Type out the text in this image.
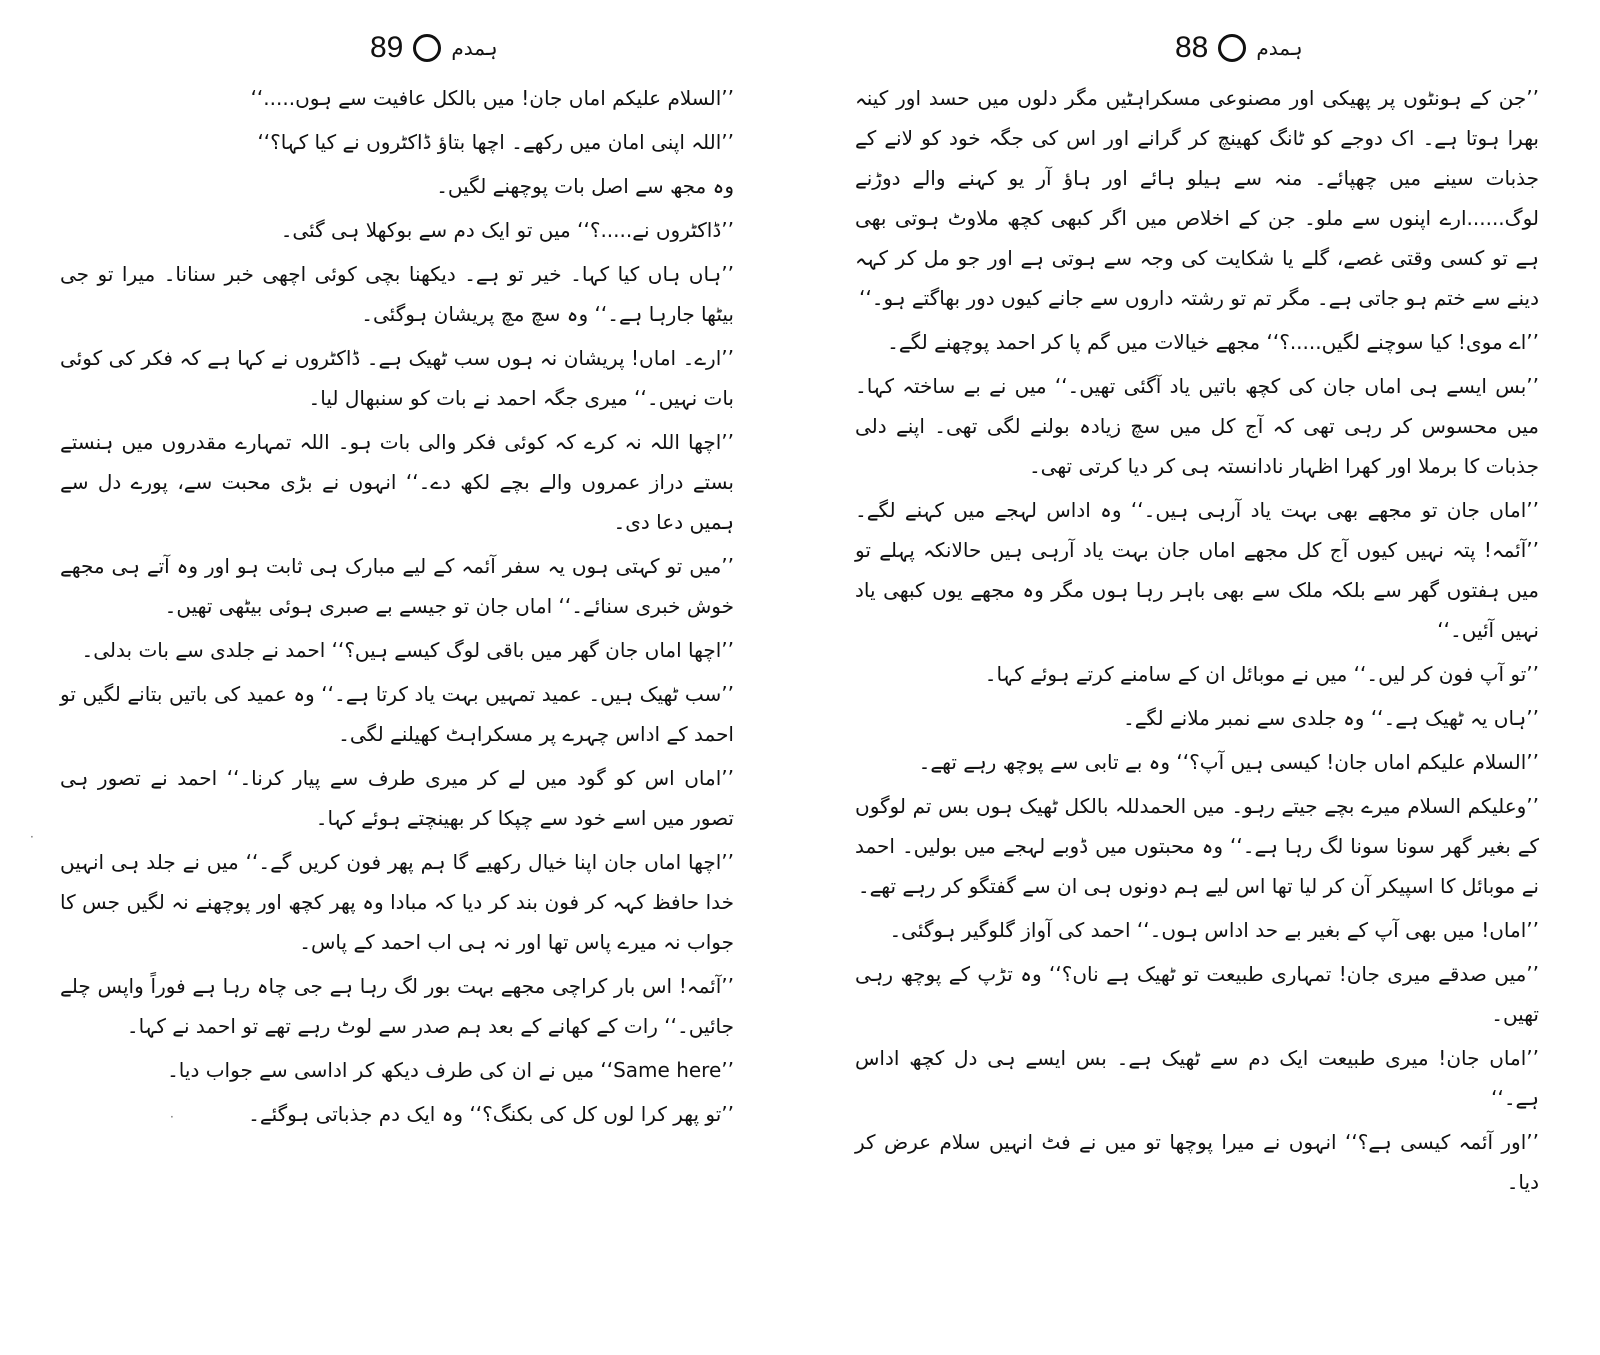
89 ہمدم

’’السلام علیکم اماں جان! میں بالکل عافیت سے ہوں.....‘‘

’’اللہ اپنی امان میں رکھے۔ اچھا بتاؤ ڈاکٹروں نے کیا کہا؟‘‘

وہ مجھ سے اصل بات پوچھنے لگیں۔

’’ڈاکٹروں نے.....؟‘‘ میں تو ایک دم سے بوکھلا ہی گئی۔

’’ہاں ہاں کیا کہا۔ خیر تو ہے۔ دیکھنا بچی کوئی اچھی خبر سنانا۔ میرا تو جی بیٹھا جارہا ہے۔‘‘ وہ سچ مچ پریشان ہوگئی۔

’’ارے۔ اماں! پریشان نہ ہوں سب ٹھیک ہے۔ ڈاکٹروں نے کہا ہے کہ فکر کی کوئی بات نہیں۔‘‘ میری جگہ احمد نے بات کو سنبھال لیا۔

’’اچھا اللہ نہ کرے کہ کوئی فکر والی بات ہو۔ اللہ تمہارے مقدروں میں ہنستے بستے دراز عمروں والے بچے لکھ دے۔‘‘ انہوں نے بڑی محبت سے، پورے دل سے ہمیں دعا دی۔

’’میں تو کہتی ہوں یہ سفر آئمہ کے لیے مبارک ہی ثابت ہو اور وہ آتے ہی مجھے خوش خبری سنائے۔‘‘ اماں جان تو جیسے بے صبری ہوئی بیٹھی تھیں۔

’’اچھا اماں جان گھر میں باقی لوگ کیسے ہیں؟‘‘ احمد نے جلدی سے بات بدلی۔

’’سب ٹھیک ہیں۔ عمید تمہیں بہت یاد کرتا ہے۔‘‘ وہ عمید کی باتیں بتانے لگیں تو احمد کے اداس چہرے پر مسکراہٹ کھیلنے لگی۔

’’اماں اس کو گود میں لے کر میری طرف سے پیار کرنا۔‘‘ احمد نے تصور ہی تصور میں اسے خود سے چپکا کر بھینچتے ہوئے کہا۔

’’اچھا اماں جان اپنا خیال رکھیے گا ہم پھر فون کریں گے۔‘‘ میں نے جلد ہی انہیں خدا حافظ کہہ کر فون بند کر دیا کہ مبادا وہ پھر کچھ اور پوچھنے نہ لگیں جس کا جواب نہ میرے پاس تھا اور نہ ہی اب احمد کے پاس۔

’’آئمہ! اس بار کراچی مجھے بہت بور لگ رہا ہے جی چاہ رہا ہے فوراً واپس چلے جائیں۔‘‘ رات کے کھانے کے بعد ہم صدر سے لوٹ رہے تھے تو احمد نے کہا۔

’’Same here‘‘ میں نے ان کی طرف دیکھ کر اداسی سے جواب دیا۔

’’تو پھر کرا لوں کل کی بکنگ؟‘‘ وہ ایک دم جذباتی ہوگئے۔

·
·
88 ہمدم

’’جن کے ہونٹوں پر پھیکی اور مصنوعی مسکراہٹیں مگر دلوں میں حسد اور کینہ بھرا ہوتا ہے۔ اک دوجے کو ٹانگ کھینچ کر گرانے اور اس کی جگہ خود کو لانے کے جذبات سینے میں چھپائے۔ منہ سے ہیلو ہائے اور ہاؤ آر یو کہنے والے دوڑنے لوگ......ارے اپنوں سے ملو۔ جن کے اخلاص میں اگر کبھی کچھ ملاوٹ ہوتی بھی ہے تو کسی وقتی غصے، گلے یا شکایت کی وجہ سے ہوتی ہے اور جو مل کر کہہ دینے سے ختم ہو جاتی ہے۔ مگر تم تو رشتہ داروں سے جانے کیوں دور بھاگتے ہو۔‘‘

’’اے موی! کیا سوچنے لگیں.....؟‘‘ مجھے خیالات میں گم پا کر احمد پوچھنے لگے۔

’’بس ایسے ہی اماں جان کی کچھ باتیں یاد آگئی تھیں۔‘‘ میں نے بے ساختہ کہا۔ میں محسوس کر رہی تھی کہ آج کل میں سچ زیادہ بولنے لگی تھی۔ اپنے دلی جذبات کا برملا اور کھرا اظہار نادانستہ ہی کر دیا کرتی تھی۔

’’اماں جان تو مجھے بھی بہت یاد آرہی ہیں۔‘‘ وہ اداس لہجے میں کہنے لگے۔ ’’آئمہ! پتہ نہیں کیوں آج کل مجھے اماں جان بہت یاد آرہی ہیں حالانکہ پہلے تو میں ہفتوں گھر سے بلکہ ملک سے بھی باہر رہا ہوں مگر وہ مجھے یوں کبھی یاد نہیں آئیں۔‘‘

’’تو آپ فون کر لیں۔‘‘ میں نے موبائل ان کے سامنے کرتے ہوئے کہا۔

’’ہاں یہ ٹھیک ہے۔‘‘ وہ جلدی سے نمبر ملانے لگے۔

’’السلام علیکم اماں جان! کیسی ہیں آپ؟‘‘ وہ بے تابی سے پوچھ رہے تھے۔

’’وعلیکم السلام میرے بچے جیتے رہو۔ میں الحمدللہ بالکل ٹھیک ہوں بس تم لوگوں کے بغیر گھر سونا سونا لگ رہا ہے۔‘‘ وہ محبتوں میں ڈوبے لہجے میں بولیں۔ احمد نے موبائل کا اسپیکر آن کر لیا تھا اس لیے ہم دونوں ہی ان سے گفتگو کر رہے تھے۔

’’اماں! میں بھی آپ کے بغیر بے حد اداس ہوں۔‘‘ احمد کی آواز گلوگیر ہوگئی۔

’’میں صدقے میری جان! تمہاری طبیعت تو ٹھیک ہے ناں؟‘‘ وہ تڑپ کے پوچھ رہی تھیں۔

’’اماں جان! میری طبیعت ایک دم سے ٹھیک ہے۔ بس ایسے ہی دل کچھ اداس ہے۔‘‘

’’اور آئمہ کیسی ہے؟‘‘ انہوں نے میرا پوچھا تو میں نے فٹ انہیں سلام عرض کر دیا۔
